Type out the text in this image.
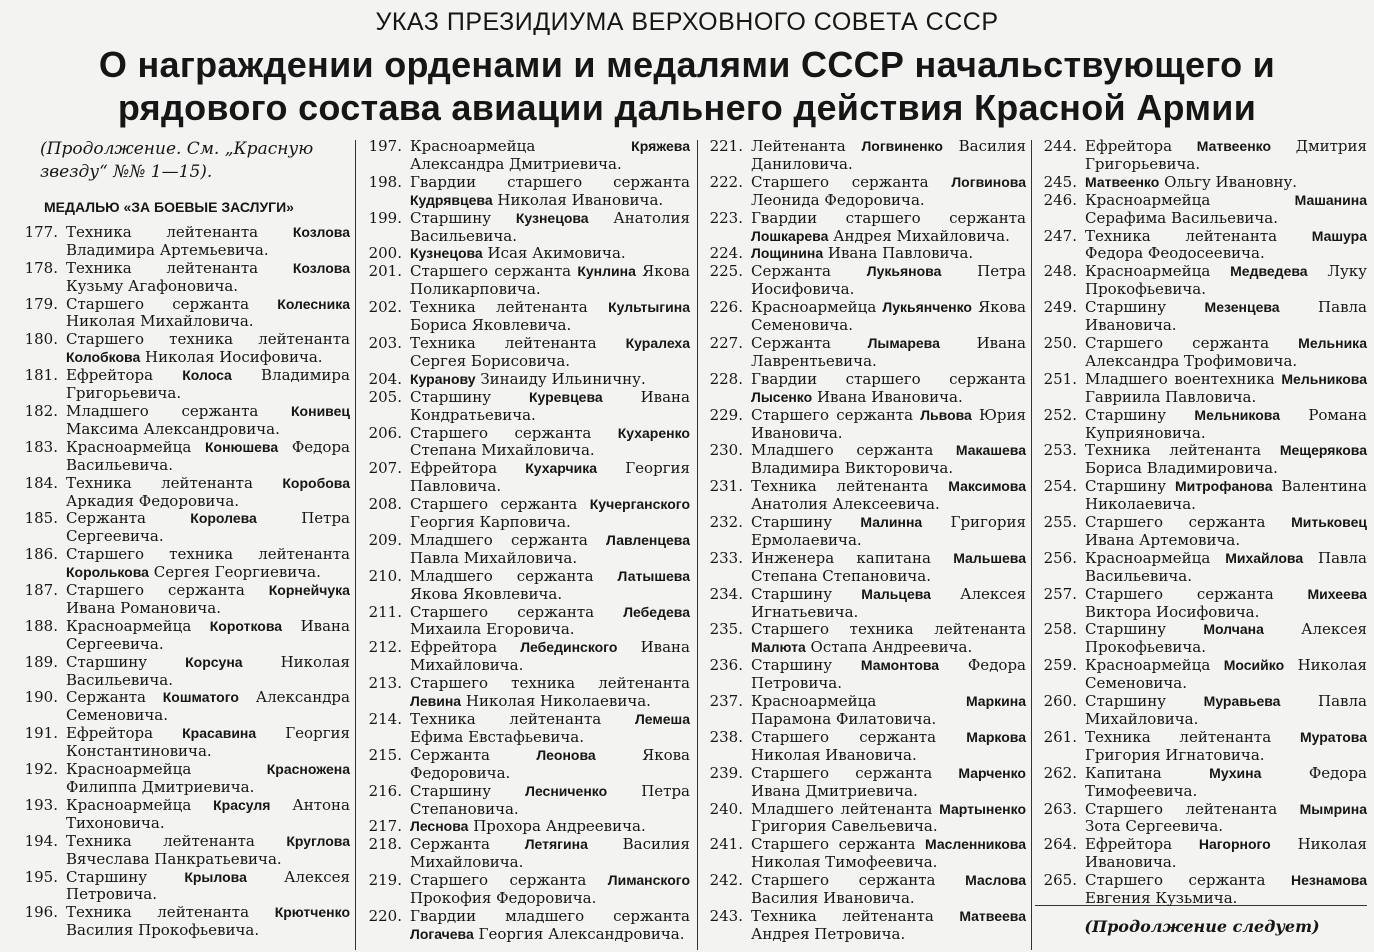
УКАЗ ПРЕЗИДИУМА ВЕРХОВНОГО СОВЕТА СССР
О награждении орденами и медалями СССР начальствующего и
рядового состава авиации дальнего действия Красной Армии
(Продолжение. См. „Красную звезду“ №№ 1—15).
МЕДАЛЬЮ «ЗА БОЕВЫЕ ЗАСЛУГИ»
177. Техника лейтенанта Козлова Владимира Артемьевича.
178. Техника лейтенанта Козлова Кузьму Агафоновича.
179. Старшего сержанта Колесника Николая Михайловича.
180. Старшего техника лейтенанта Колобкова Николая Иосифовича.
181. Ефрейтора Колоса Владимира Григорьевича.
182. Младшего сержанта Конивец Максима Александровича.
183. Красноармейца Конюшева Федора Васильевича.
184. Техника лейтенанта Коробова Аркадия Федоровича.
185. Сержанта	Королева	Петра Сергеевича.
186. Старшего техника лейтенанта Королькова Сергея Георгиевича.
187. Старшего сержанта Корнейчука Ивана Романовича.
188. Красноармейца Короткова Ивана Сергеевича.
189. Старшину	Корсуна	Николая Васильевича.
190. Сержанта Кошматого Александра Семеновича.
191. Ефрейтора Красавина Георгия Константиновича.
192. Красноармейца	Красножена Филиппа Дмитриевича.
193. Красноармейца Красуля Антона Тихоновича.
194. Техника лейтенанта Круглова Вячеслава Панкратьевича.
195. Старшину	Крылова Алексея Петровича.
196. Техника лейтенанта Крютченко Василия Прокофьевича.
197. Красноармейца	Кряжева Александра Дмитриевича.
198. Гвардии старшего сержанта Кудрявцева Николая Ивановича.
199. Старшину Кузнецова Анатолия Васильевича.
200. Кузнецова Исая Акимовича.
201. Старшего сержанта Кунлина Якова Поликарповича.
202. Техника лейтенанта Культыгина Бориса Яковлевича.
203. Техника лейтенанта Куралеха Сергея Борисовича.
204. Куранову Зинаиду Ильиничну.
205. Старшину	Куревцева	Ивана Кондратьевича.
206. Старшего сержанта Кухаренко Степана Михайловича.
207. Ефрейтора Кухарчика Георгия Павловича.
208. Старшего сержанта Кучерганского Георгия Карповича.
209. Младшего сержанта Лавленцева Павла Михайловича.
210. Младшего сержанта Латышева Якова Яковлевича.
211. Старшего сержанта Лебедева Михаила Егоровича.
212. Ефрейтора Лебединского Ивана Михайловича.
213. Старшего техника лейтенанта Левина Николая Николаевича.
214. Техника лейтенанта Лемеша Ефима Евстафьевича.
215. Сержанта	Леонова	Якова Федоровича.
216. Старшину Лесниченко Петра Степановича.
217. Леснова Прохора Андреевича.
218. Сержанта Летягина Василия Михайловича.
219. Старшего сержанта Лиманского Прокофия Федоровича.
220. Гвардии младшего сержанта Логачева Георгия Александровича.
221. Лейтенанта Логвиненко Василия Даниловича.
222. Старшего сержанта Логвинова Леонида Федоровича.
223. Гвардии старшего сержанта Лошкарева Андрея Михайловича.
224. Лощинина Ивана Павловича.
225. Сержанта	Лукьянова Петра Иосифовича.
226. Красноармейца Лукьянченко Якова Семеновича.
227. Сержанта	Лымарева Ивана Лаврентьевича.
228. Гвардии старшего сержанта Лысенко Ивана Ивановича.
229. Старшего сержанта Львова Юрия Ивановича.
230. Младшего сержанта Макашева Владимира Викторовича.
231. Техника лейтенанта Максимова Анатолия Алексеевича.
232. Старшину Малинна Григория Ермолаевича.
233. Инженера капитана Мальшева Степана Степановича.
234. Старшину Мальцева Алексея Игнатьевича.
235. Старшего техника лейтенанта Малюта Остапа Андреевича.
236. Старшину Мамонтова Федора Петровича.
237. Красноармейца	Маркина Парамона Филатовича.
238. Старшего сержанта Маркова Николая Ивановича.
239. Старшего сержанта Марченко Ивана Дмитриевича.
240. Младшего лейтенанта Мартыненко Григория Савельевича.
241. Старшего сержанта Масленникова Николая Тимофеевича.
242. Старшего сержанта Маслова Василия Ивановича.
243. Техника лейтенанта Матвеева Андрея Петровича.
244. Ефрейтора Матвеенко Дмитрия Григорьевича.
245. Матвеенко Ольгу Ивановну.
246. Красноармейца	Машанина Серафима Васильевича.
247. Техника лейтенанта Машура Федора Феодосеевича.
248. Красноармейца Медведева Луку Прокофьевича.
249. Старшину	Мезенцева	Павла Ивановича.
250. Старшего сержанта Мельника Александра Трофимовича.
251. Младшего воентехника Мельникова Гавриила Павловича.
252. Старшину Мельникова Романа Куприяновича.
253. Техника лейтенанта Мещерякова Бориса Владимировича.
254. Старшину Митрофанова Валентина Николаевича.
255. Старшего сержанта Митьковец Ивана Артемовича.
256. Красноармейца Михайлова Павла Васильевича.
257. Старшего сержанта Михеева Виктора Иосифовича.
258. Старшину	Молчана Алексея Прокофьевича.
259. Красноармейца Мосийко Николая Семеновича.
260. Старшину	Муравьева	Павла Михайловича.
261. Техника лейтенанта Муратова Григория Игнатовича.
262. Капитана	Мухина	Федора Тимофеевича.
263. Старшего лейтенанта Мымрина Зота Сергеевича.
264. Ефрейтора Нагорного Николая Ивановича.
265. Старшего сержанта Незнамова Евгения Кузьмича.
(Продолжение следует)
